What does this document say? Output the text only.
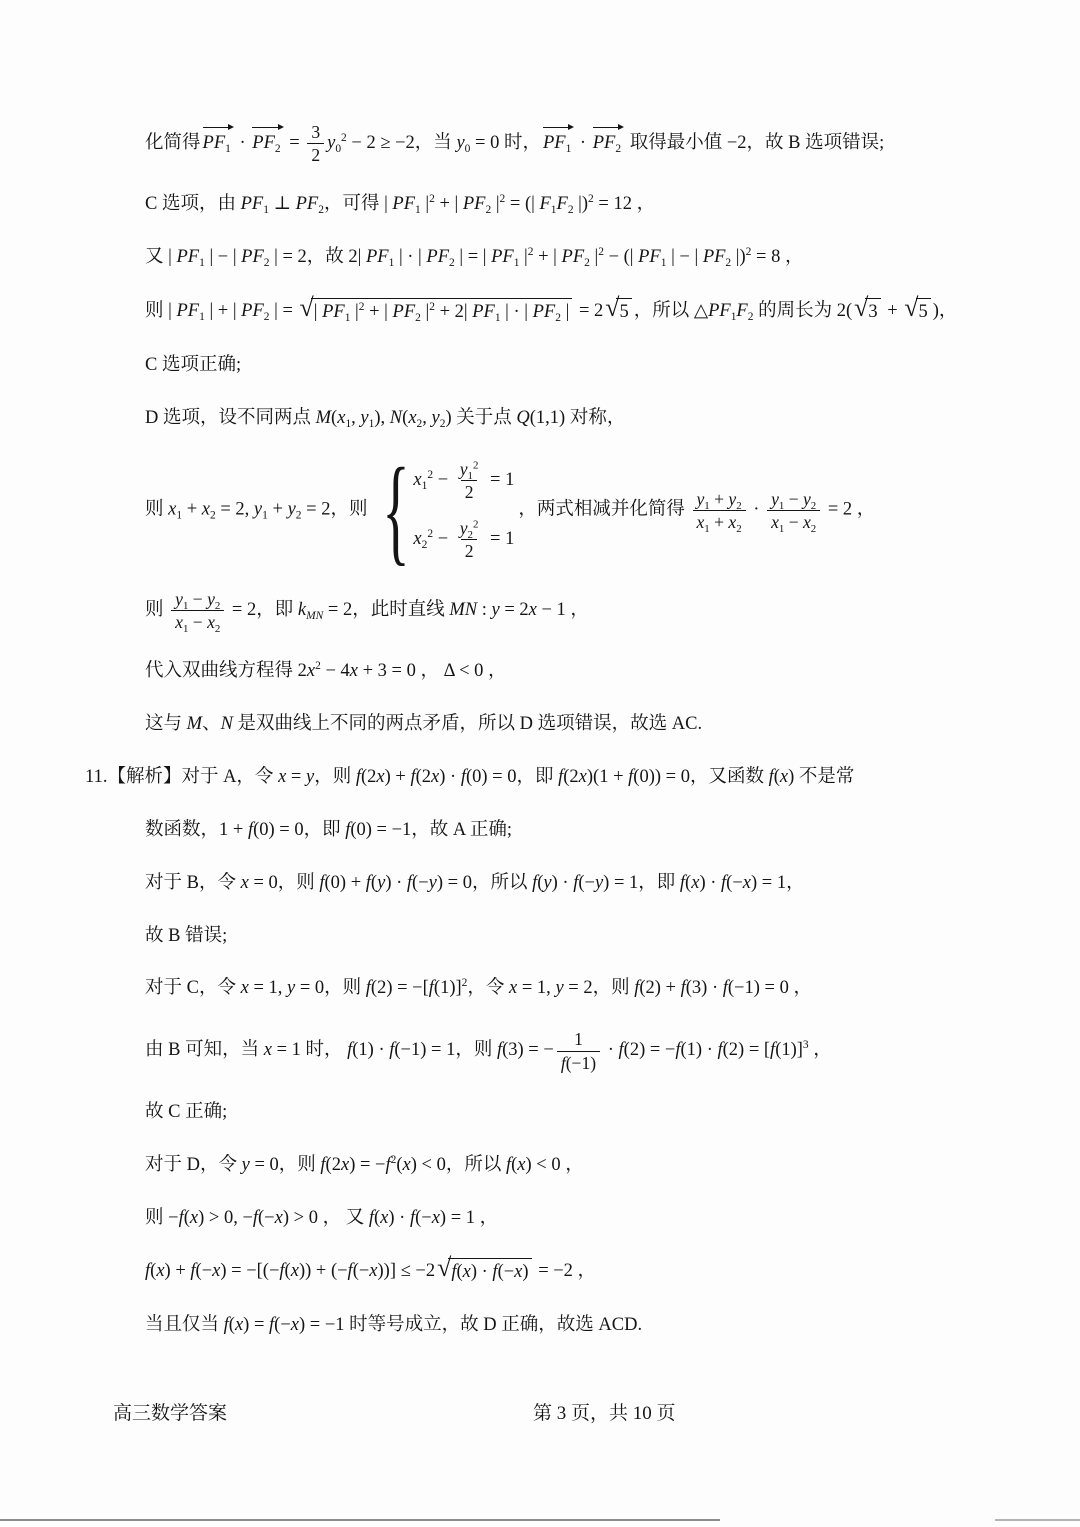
化简得 $PF_1 \cdot PF_2 = \frac{3}{2} y_0^2 - 2 \ge -2$，当 $y_0 = 0$ 时， $PF_1 \cdot PF_2$ 取得最小值 −2，故 B 选项错误;

C 选项，由 $PF_1$ ⊥ $PF_2$，可得 | $PF_1$ $|^2$ + | $PF_2$ $|^2$ = (| $F_1F_2$ |)$^2$ = 12 ，

又 | $PF_1$ | − | $PF_2$ | = 2，故 2| $PF_1$ | · | $PF_2$ | = | $PF_1$ $|^2$ + | $PF_2$ $|^2$ − (| $PF_1$ | − | $PF_2$ |)$^2$ = 8 ，

则 | $PF_1$ | + | $PF_2$ | = √ | $PF_1$ $|^2$ + | $PF_2$ $|^2 + 2|$ $PF_1$ | · | $PF_2$ | = 2 √ 5 ，所以 $\triangle PF_1F_2$ 的周长为 2( √ 3 + √ 5 )，

C 选项正确;

D 选项，设不同两点 $M(x_1$, $y_1$), $N(x_2$, $y_2$) 关于点 Q(1,1) 对称，

则 $x_1 + x_2 = 2$, $y_1 + y_2 = 2$，则 { $x_1^2 - \frac{y_1^2}{2} = 1$
$x_2^2 - \frac{y_2^2}{2} = 1$
，两式相减并化简得 $\frac{y_1 + y_2}{x_1 + x_2} \cdot \frac{y_1 - y_2}{x_1 - x_2} = 2$ ，

则 $\frac{y_1 - y_2}{x_1 - x_2} = 2$，即 $k_{MN} = 2$，此时直线 MN : y = 2x − 1 ，

代入双曲线方程得 $2x^2 - 4x + 3 = 0$ ， Δ < 0 ，

这与 M、N 是双曲线上不同的两点矛盾，所以 D 选项错误，故选 AC.

11.【解析】对于 A，令 x = y，则 f(2x) + f(2x) · f(0) = 0，即 f(2x)(1 + f(0)) = 0，又函数 f(x) 不是常

数函数，1 + f(0) = 0，即 f(0) = −1，故 A 正确;

对于 B，令 x = 0，则 f(0) + f(y) · f(−y) = 0，所以 f(y) · f(−y) = 1，即 f(x) · f(−x) = 1，

故 B 错误;

对于 C，令 x = 1, y = 0，则 $f(2) = -[f(1)]^2$，令 x = 1, y = 2，则 f(2) + f(3) · f(−1) = 0 ，

由 B 可知，当 x = 1 时， f(1) · f(−1) = 1，则 f(3) = − $\frac{1}{f(-1)} \cdot f(2) = -f(1) \cdot f(2) = [f(1)]^3$ ，

故 C 正确;

对于 D，令 y = 0，则 $f(2x) = -f^2(x) < 0$，所以 f(x) < 0 ，

则 −f(x) > 0, −f(−x) > 0 ， 又 f(x) · f(−x) = 1 ，

f(x) + f(−x) = −[(−f(x)) + (−f(−x))] ≤ −2 √ f(x) · f(−x) = −2 ，

当且仅当 f(x) = f(−x) = −1 时等号成立，故 D 正确，故选 ACD.

高三数学答案	第 3 页，共 10 页
